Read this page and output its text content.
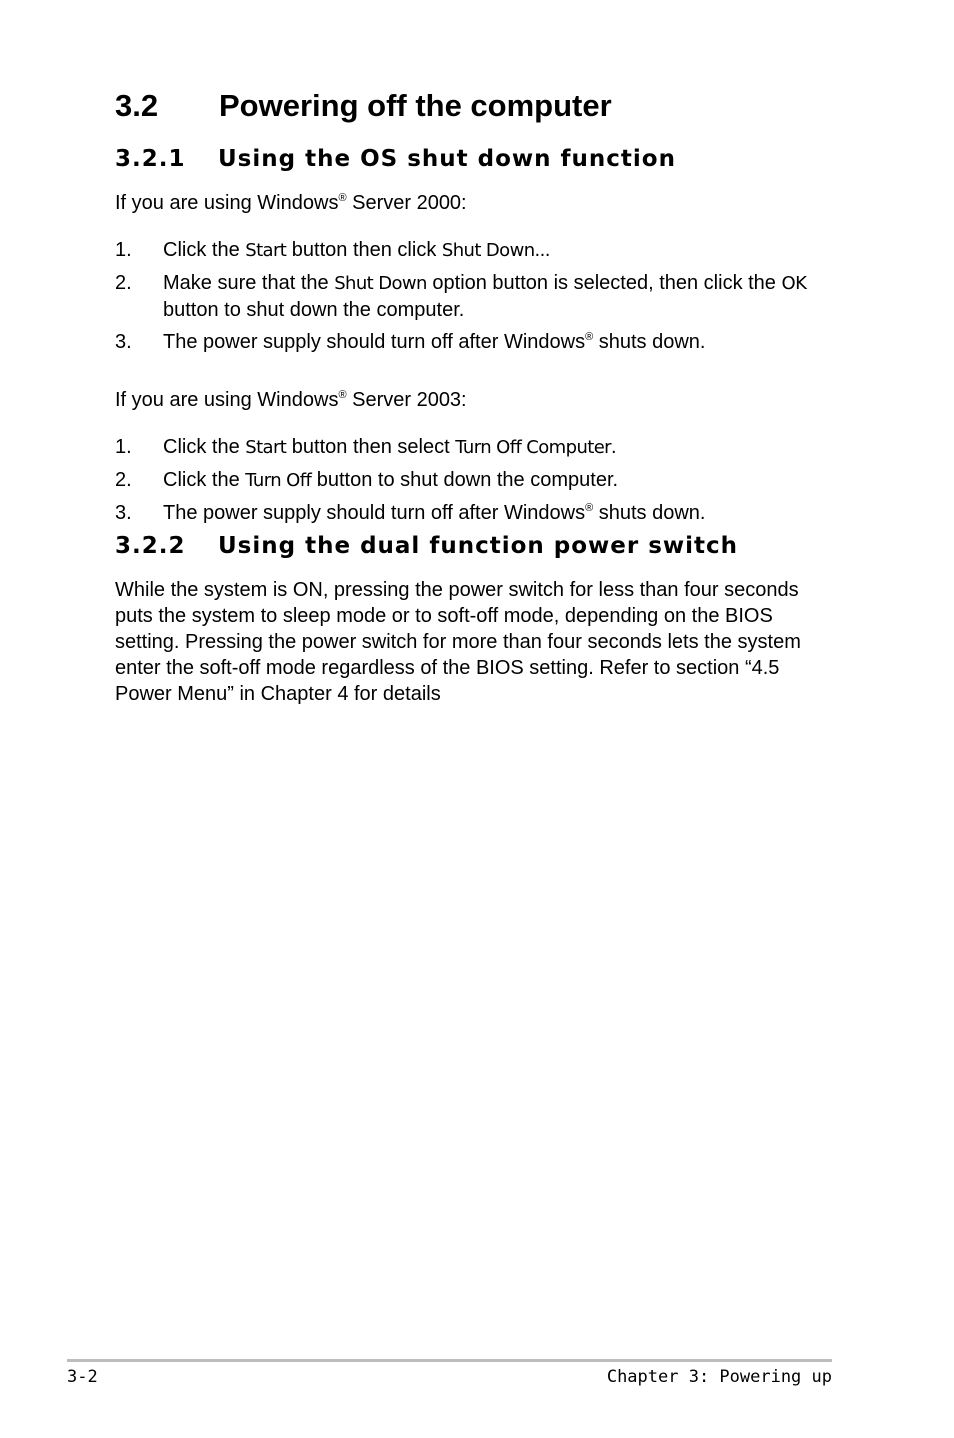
3.2 Powering off the computer
3.2.1 Using the OS shut down function
If you are using Windows® Server 2000:
1.	Click the Start button then click Shut Down...
2.	Make sure that the Shut Down option button is selected, then click the OK button to shut down the computer.
3.	The power supply should turn off after Windows® shuts down.
If you are using Windows® Server 2003:
1.	Click the Start button then select Turn Off Computer.
2.	Click the Turn Off button to shut down the computer.
3.	The power supply should turn off after Windows® shuts down.
3.2.2 Using the dual function power switch

While the system is ON, pressing the power switch for less than four seconds puts the system to sleep mode or to soft-off mode, depending on the BIOS setting. Pressing the power switch for more than four seconds lets the system enter the soft-off mode regardless of the BIOS setting. Refer to section “4.5 Power Menu” in Chapter 4 for details

3-2	Chapter 3: Powering up
